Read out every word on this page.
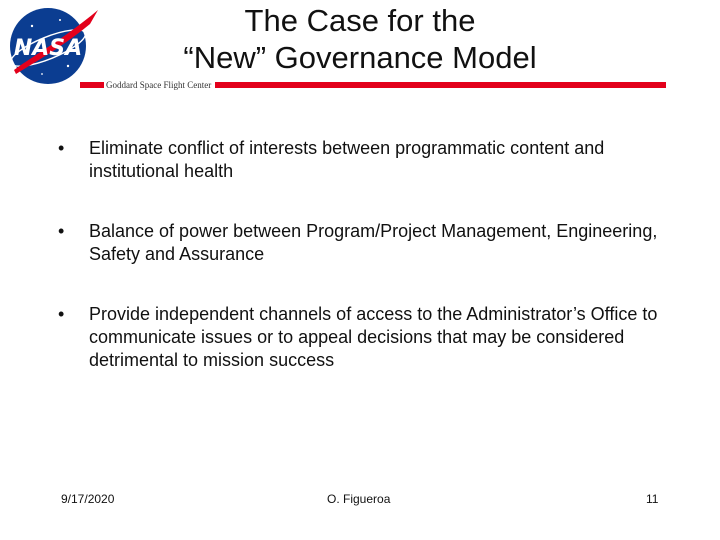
NASA
The Case for the
“New” Governance Model
Goddard Space Flight Center
• Eliminate conflict of interests between programmatic content and institutional health
• Balance of power between Program/Project Management, Engineering, Safety and Assurance
• Provide independent channels of access to the Administrator’s Office to communicate issues or to appeal decisions that may be considered detrimental to mission success
9/17/2020	O. Figueroa	11
